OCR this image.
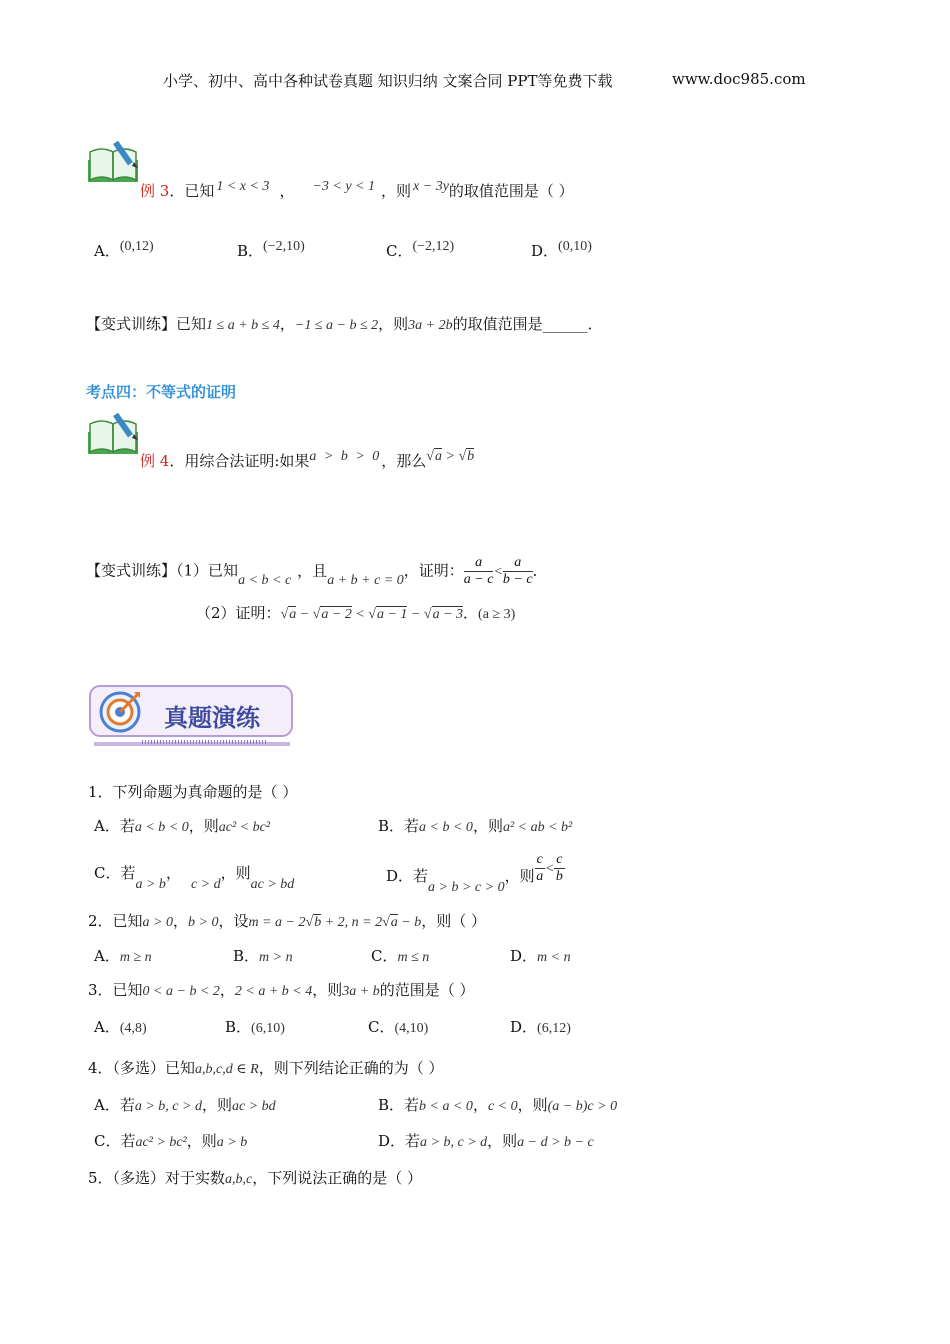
小学、初中、高中各种试卷真题 知识归纳 文案合同 PPT等免费下载	www.doc985.com
例 3．已知 1 < x < 3 ， −3 < y < 1 ，则 x − 3y的取值范围是（ ）
A．(0,12)	B．(−2,10)	C．(−2,12)	D．(0,10)
【变式训练】已知1 ≤ a + b ≤ 4，−1 ≤ a − b ≤ 2，则3a + 2b的取值范围是______．
考点四：不等式的证明
例 4．用综合法证明:如果a > b > 0，那么√a > √b
【变式训练】（1）已知a < b < c，且a + b + c = 0，证明： $\frac{a}{a - c} < \frac{a}{b - c}$ ．
（2）证明：√a − √a − 2 < √a − 1 − √a − 3．(a ≥ 3)
真题演练
1．下列命题为真命题的是（ ）
A．若a < b < 0，则ac² < bc²	B．若a < b < 0，则a² < ab < b²
C．若a > b，c > d，则ac > bd	D．若a > b > c > 0，则 $\frac{c}{a} < \frac{c}{b}$
2．已知a > 0，b > 0，设m = a − 2√b + 2, n = 2√a − b，则（ ）
A．m ≥ n	B．m > n	C．m ≤ n	D．m < n
3．已知0 < a − b < 2，2 < a + b < 4，则3a + b的范围是（ ）
A．(4,8)	B．(6,10)	C．(4,10)	D．(6,12)
4．（多选）已知a,b,c,d ∈ R，则下列结论正确的为（ ）
A．若a > b, c > d，则ac > bd	B．若b < a < 0，c < 0，则(a − b)c > 0
C．若ac² > bc²，则a > b	D．若a > b, c > d，则a − d > b − c
5．（多选）对于实数a,b,c，下列说法正确的是（ ）
